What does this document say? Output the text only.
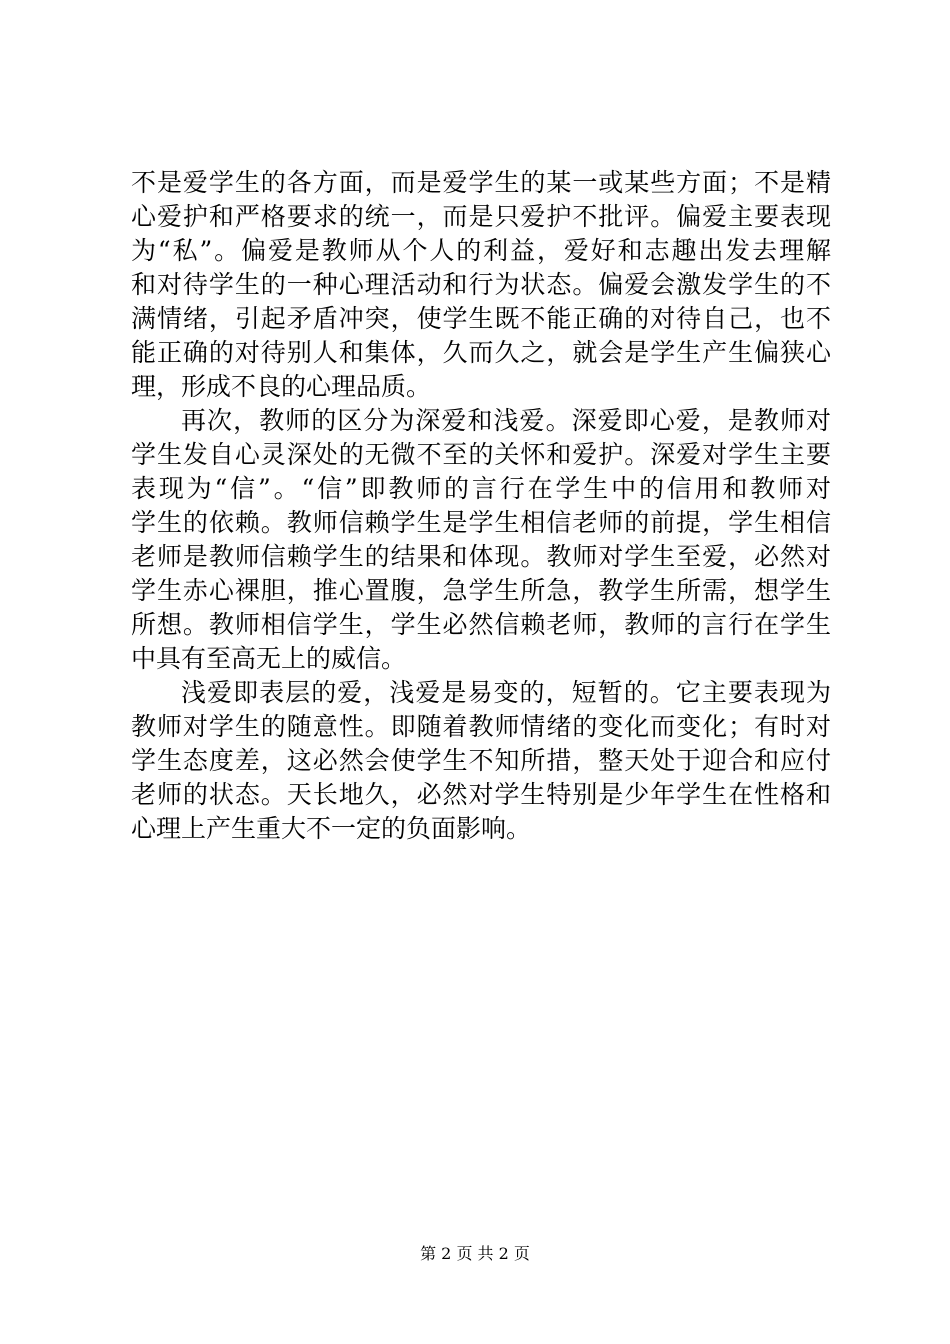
不是爱学生的各方面，而是爱学生的某一或某些方面；不是精
心爱护和严格要求的统一，而是只爱护不批评。偏爱主要表现
为“私”。偏爱是教师从个人的利益，爱好和志趣出发去理解
和对待学生的一种心理活动和行为状态。偏爱会激发学生的不
满情绪，引起矛盾冲突，使学生既不能正确的对待自己，也不
能正确的对待别人和集体，久而久之，就会是学生产生偏狭心
理，形成不良的心理品质。
再次，教师的区分为深爱和浅爱。深爱即心爱，是教师对
学生发自心灵深处的无微不至的关怀和爱护。深爱对学生主要
表现为“信”。“信”即教师的言行在学生中的信用和教师对
学生的依赖。教师信赖学生是学生相信老师的前提，学生相信
老师是教师信赖学生的结果和体现。教师对学生至爱，必然对
学生赤心裸胆，推心置腹，急学生所急，教学生所需，想学生
所想。教师相信学生，学生必然信赖老师，教师的言行在学生
中具有至高无上的威信。
浅爱即表层的爱，浅爱是易变的，短暂的。它主要表现为
教师对学生的随意性。即随着教师情绪的变化而变化；有时对
学生态度差，这必然会使学生不知所措，整天处于迎合和应付
老师的状态。天长地久，必然对学生特别是少年学生在性格和
心理上产生重大不一定的负面影响。
第 2 页 共 2 页
